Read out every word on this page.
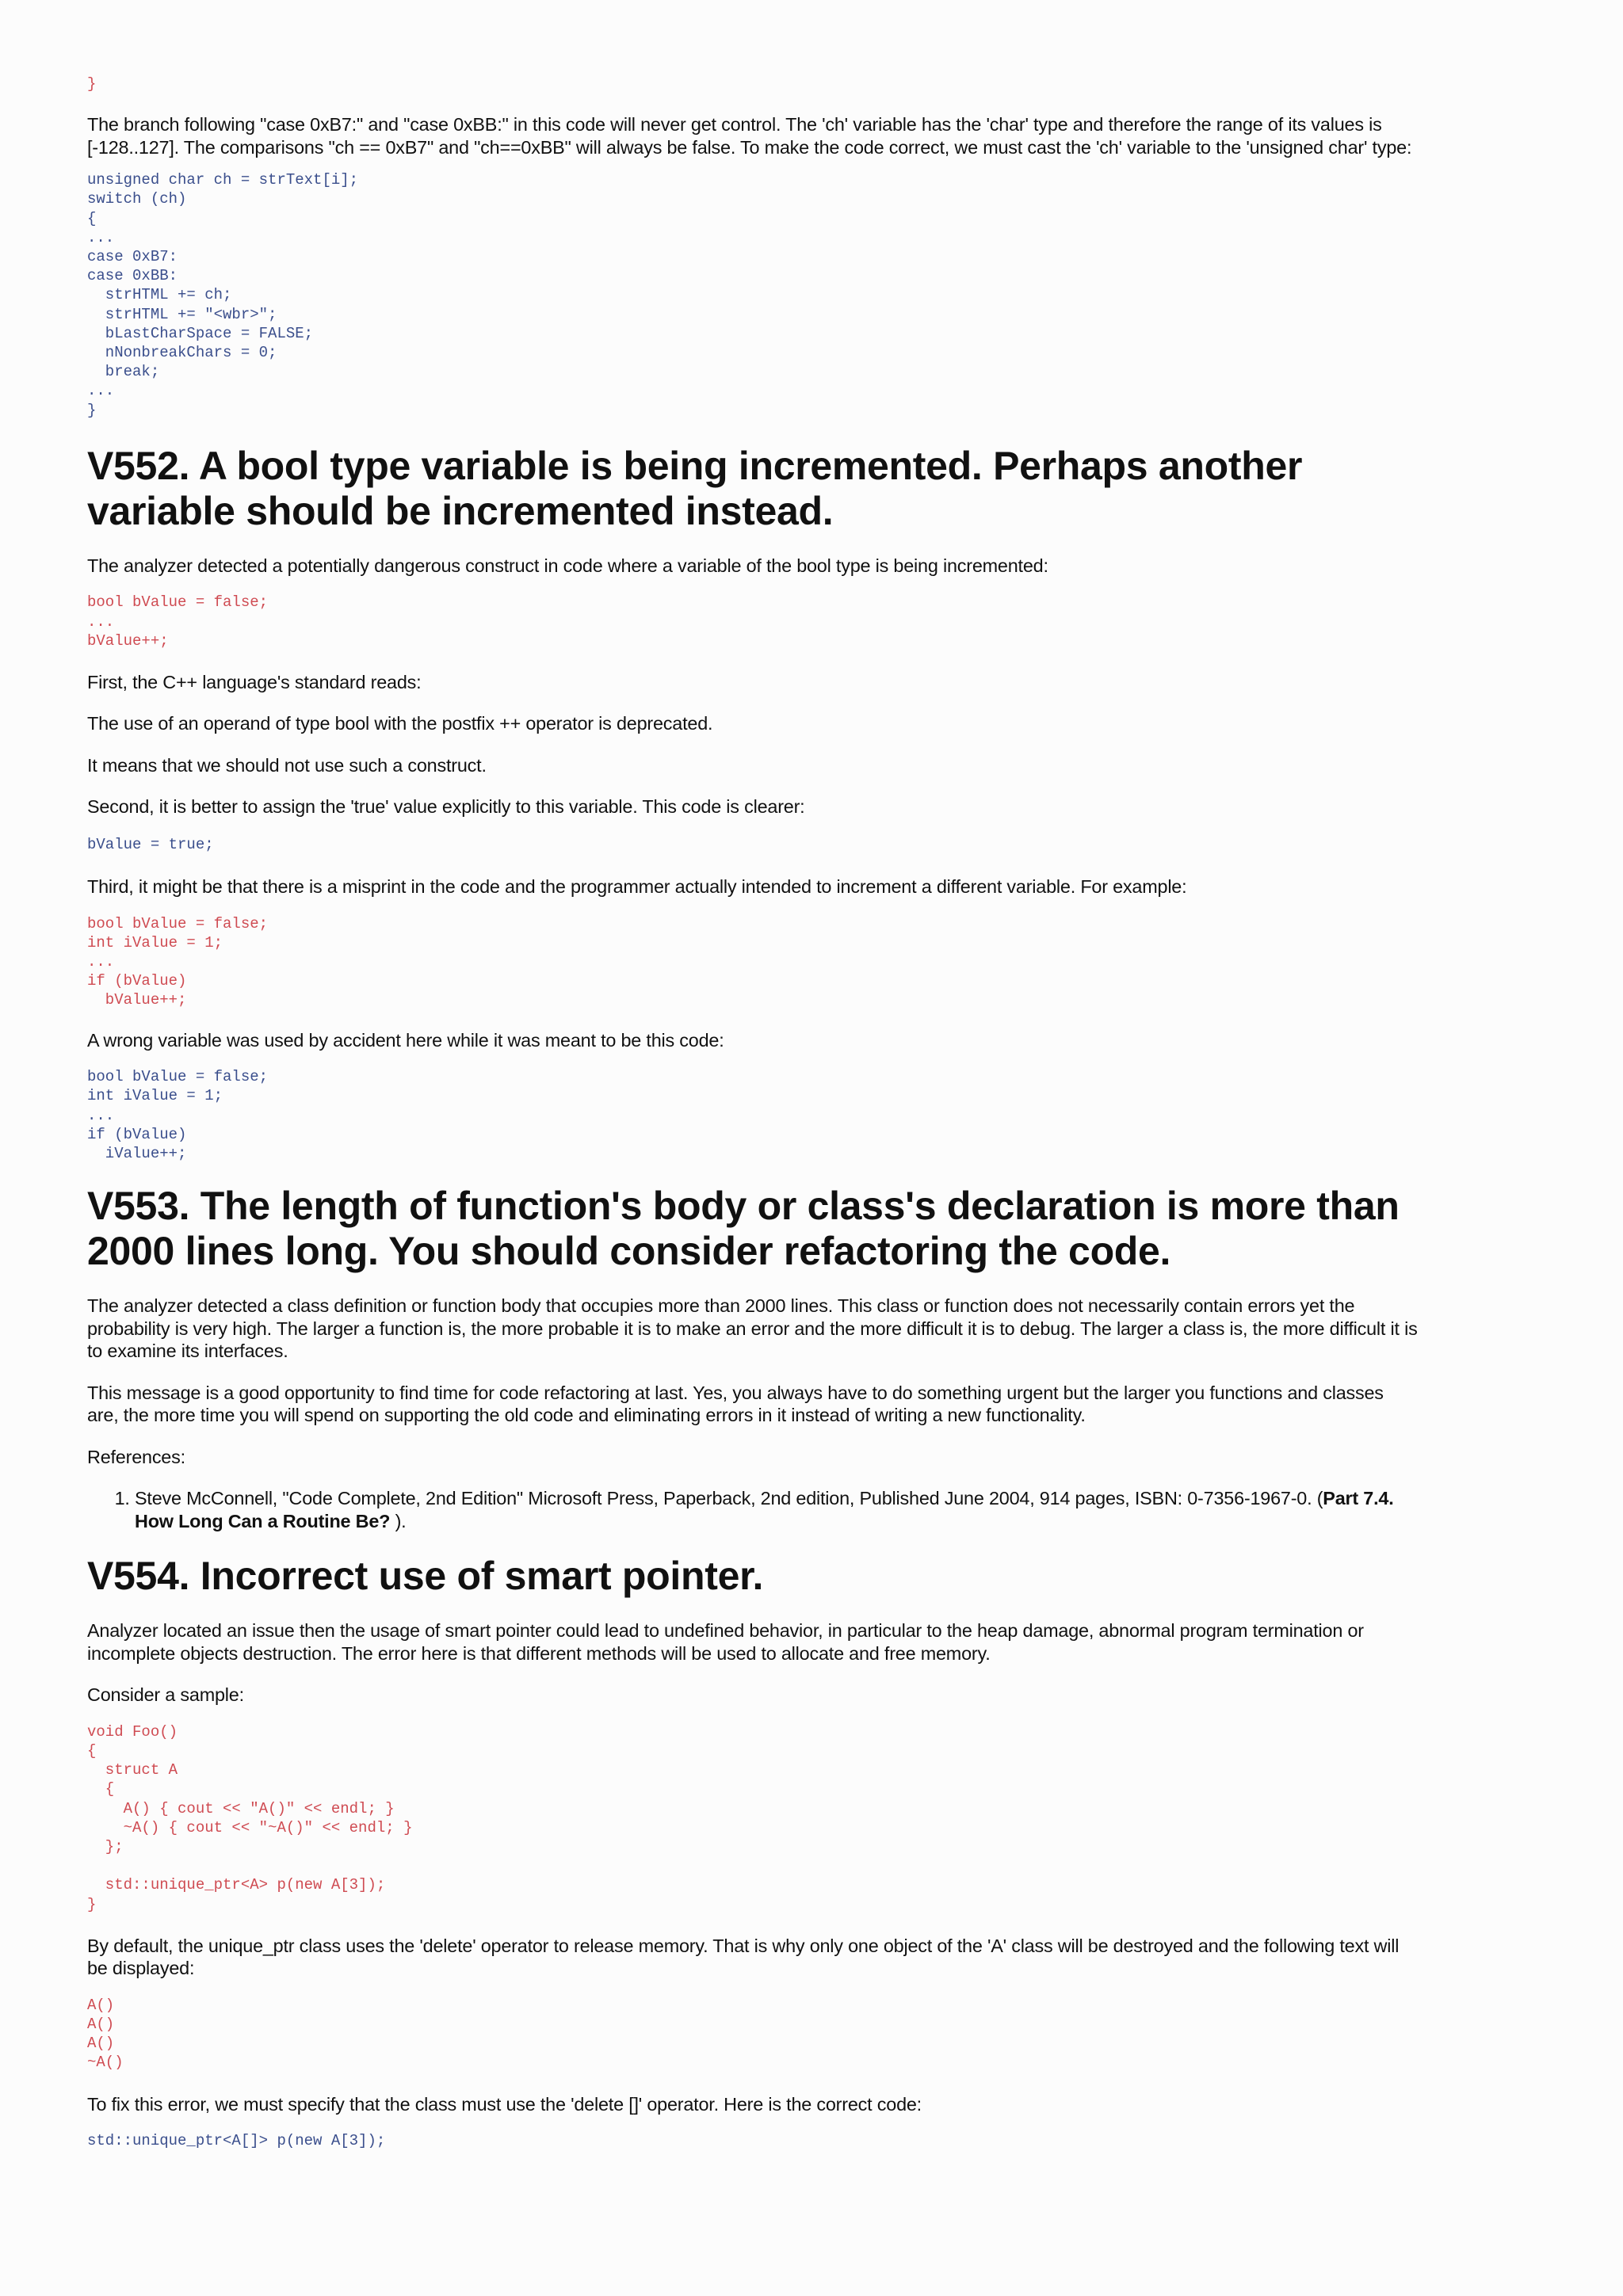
}

The branch following "case 0xB7:" and "case 0xBB:" in this code will never get control. The 'ch' variable has the 'char' type and therefore the range of its values is [-128..127]. The comparisons "ch == 0xB7" and "ch==0xBB" will always be false. To make the code correct, we must cast the 'ch' variable to the 'unsigned char' type:

unsigned char ch = strText[i];
switch (ch)
{
...
case 0xB7:
case 0xBB:
strHTML += ch;
strHTML += "<wbr>";
bLastCharSpace = FALSE;
nNonbreakChars = 0;
break;
...
}
V552. A bool type variable is being incremented. Perhaps another variable should be incremented instead.

The analyzer detected a potentially dangerous construct in code where a variable of the bool type is being incremented:

bool bValue = false;
...
bValue++;

First, the C++ language's standard reads:

The use of an operand of type bool with the postfix ++ operator is deprecated.

It means that we should not use such a construct.

Second, it is better to assign the 'true' value explicitly to this variable. This code is clearer:

bValue = true;

Third, it might be that there is a misprint in the code and the programmer actually intended to increment a different variable. For example:

bool bValue = false;
int iValue = 1;
...
if (bValue)
bValue++;

A wrong variable was used by accident here while it was meant to be this code:

bool bValue = false;
int iValue = 1;
...
if (bValue)
iValue++;
V553. The length of function's body or class's declaration is more than 2000 lines long. You should consider refactoring the code.

The analyzer detected a class definition or function body that occupies more than 2000 lines. This class or function does not necessarily contain errors yet the probability is very high. The larger a function is, the more probable it is to make an error and the more difficult it is to debug. The larger a class is, the more difficult it is to examine its interfaces.

This message is a good opportunity to find time for code refactoring at last. Yes, you always have to do something urgent but the larger you functions and classes are, the more time you will spend on supporting the old code and eliminating errors in it instead of writing a new functionality.

References:

1. Steve McConnell, "Code Complete, 2nd Edition" Microsoft Press, Paperback, 2nd edition, Published June 2004, 914 pages, ISBN: 0-7356-1967-0. (Part 7.4. How Long Can a Routine Be? ).
V554. Incorrect use of smart pointer.

Analyzer located an issue then the usage of smart pointer could lead to undefined behavior, in particular to the heap damage, abnormal program termination or incomplete objects destruction. The error here is that different methods will be used to allocate and free memory.

Consider a sample:

void Foo()
{
struct A
{
A() { cout << "A()" << endl; }
~A() { cout << "~A()" << endl; }
};

std::unique_ptr<A> p(new A[3]);
}

By default, the unique_ptr class uses the 'delete' operator to release memory. That is why only one object of the 'A' class will be destroyed and the following text will be displayed:

A()
A()
A()
~A()

To fix this error, we must specify that the class must use the 'delete []' operator. Here is the correct code:

std::unique_ptr<A[]> p(new A[3]);
